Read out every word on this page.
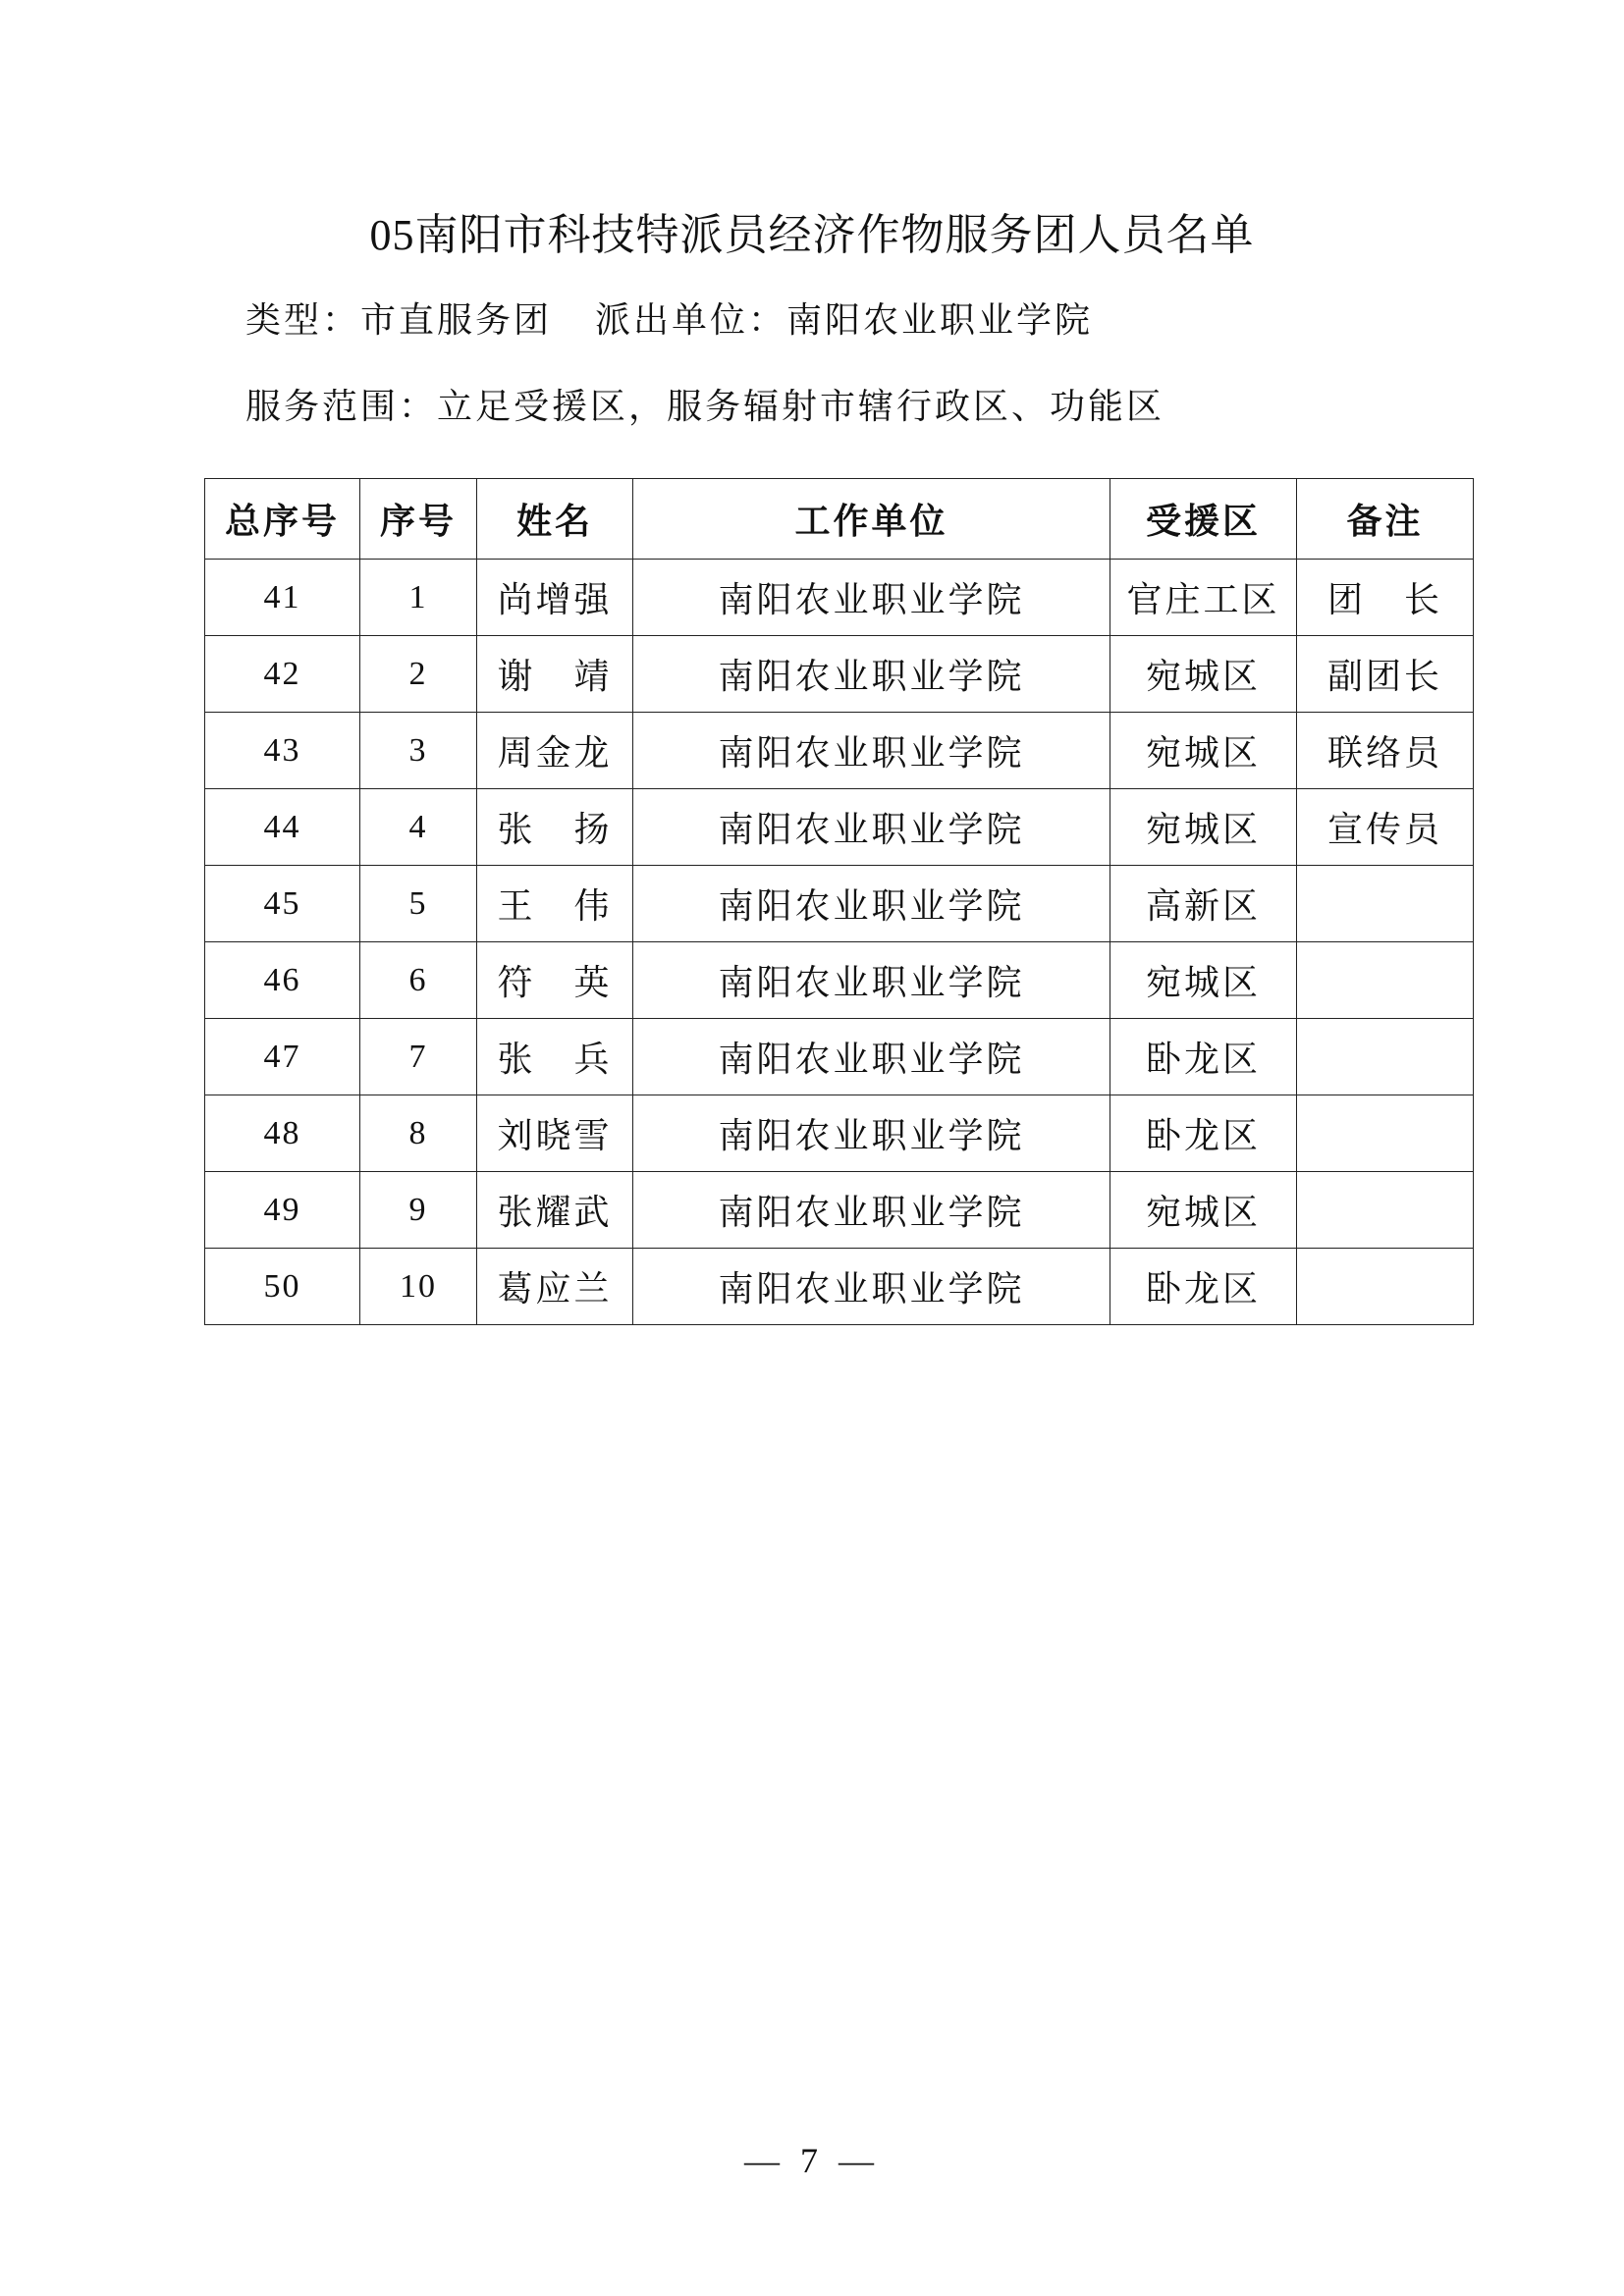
05南阳市科技特派员经济作物服务团人员名单
类型：市直服务团 派出单位：南阳农业职业学院
服务范围：立足受援区，服务辐射市辖行政区、功能区
总序号	序号	姓名	工作单位	受援区	备注
41	1	尚增强	南阳农业职业学院	官庄工区	团　长
42	2	谢　靖	南阳农业职业学院	宛城区	副团长
43	3	周金龙	南阳农业职业学院	宛城区	联络员
44	4	张　扬	南阳农业职业学院	宛城区	宣传员
45	5	王　伟	南阳农业职业学院	高新区	
46	6	符　英	南阳农业职业学院	宛城区	
47	7	张　兵	南阳农业职业学院	卧龙区	
48	8	刘晓雪	南阳农业职业学院	卧龙区	
49	9	张耀武	南阳农业职业学院	宛城区	
50	10	葛应兰	南阳农业职业学院	卧龙区	
— 7 —
